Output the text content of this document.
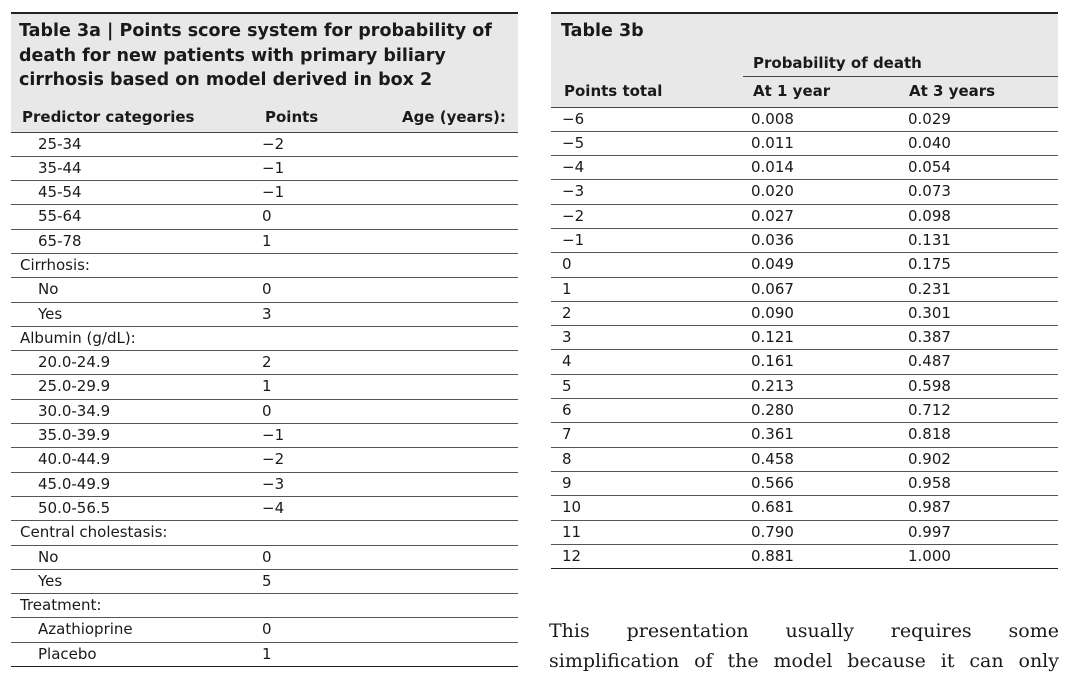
Table 3a | Points score system for probability of death for new patients with primary biliary cirrhosis based on model derived in box 2
Predictor categories	Points	Age (years):
25-34	−2
35-44	−1
45-54	−1
55-64	0
65-78	1
Cirrhosis:
No	0
Yes	3
Albumin (g/dL):
20.0-24.9	2
25.0-29.9	1
30.0-34.9	0
35.0-39.9	−1
40.0-44.9	−2
45.0-49.9	−3
50.0-56.5	−4
Central cholestasis:
No	0
Yes	5
Treatment:
Azathioprine	0
Placebo	1
Table 3b
Probability of death
Points total	At 1 year	At 3 years
−6	0.008	0.029
−5	0.011	0.040
−4	0.014	0.054
−3	0.020	0.073
−2	0.027	0.098
−1	0.036	0.131
0	0.049	0.175
1	0.067	0.231
2	0.090	0.301
3	0.121	0.387
4	0.161	0.487
5	0.213	0.598
6	0.280	0.712
7	0.361	0.818
8	0.458	0.902
9	0.566	0.958
10	0.681	0.987
11	0.790	0.997
12	0.881	1.000
This presentation usually requires some simplification of the model because it can only
